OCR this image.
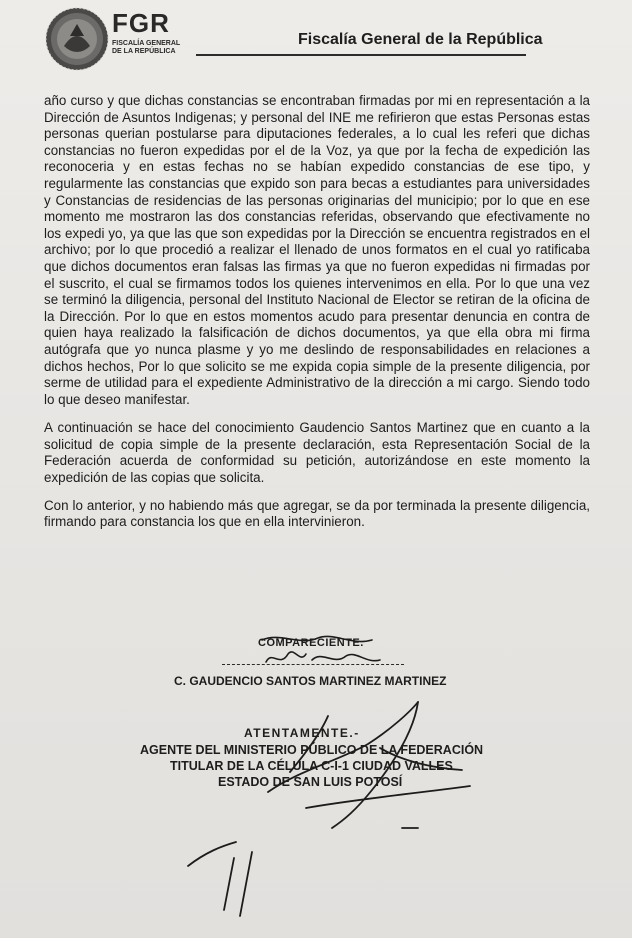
FGR
FISCALÍA GENERAL
DE LA REPÚBLICA
Fiscalía General de la República

año curso y que dichas constancias se encontraban firmadas por mi en representación a la Dirección de Asuntos Indigenas; y personal del INE me refirieron que estas Personas estas personas querian postularse para diputaciones federales, a lo cual les referi que dichas constancias no fueron expedidas por el de la Voz, ya que por la fecha de expedición las reconoceria y en estas fechas no se habían expedido constancias de ese tipo, y regularmente las constancias que expido son para becas a estudiantes para universidades y Constancias de residencias de las personas originarias del municipio; por lo que en ese momento me mostraron las dos constancias referidas, observando que efectivamente no los expedi yo, ya que las que son expedidas por la Dirección se encuentra registrados en el archivo; por lo que procedió a realizar el llenado de unos formatos en el cual yo ratificaba que dichos documentos eran falsas las firmas ya que no fueron expedidas ni firmadas por el suscrito, el cual se firmamos todos los quienes intervenimos en ella. Por lo que una vez se terminó la diligencia, personal del Instituto Nacional de Elector se retiran de la oficina de la Dirección. Por lo que en estos momentos acudo para presentar denuncia en contra de quien haya realizado la falsificación de dichos documentos, ya que ella obra mi firma autógrafa que yo nunca plasme y yo me deslindo de responsabilidades en relaciones a dichos hechos, Por lo que solicito se me expida copia simple de la presente diligencia, por serme de utilidad para el expediente Administrativo de la dirección a mi cargo. Siendo todo lo que deseo manifestar.

A continuación se hace del conocimiento Gaudencio Santos Martinez que en cuanto a la solicitud de copia simple de la presente declaración, esta Representación Social de la Federación acuerda de conformidad su petición, autorizándose en este momento la expedición de las copias que solicita.

Con lo anterior, y no habiendo más que agregar, se da por terminada la presente diligencia, firmando para constancia los que en ella intervinieron.

COMPARECIENTE.
C. GAUDENCIO SANTOS MARTINEZ MARTINEZ
ATENTAMENTE.-
AGENTE DEL MINISTERIO PÚBLICO DE LA FEDERACIÓN
TITULAR DE LA CÉLULA C-I-1 CIUDAD VALLES
ESTADO DE SAN LUIS POTOSÍ
